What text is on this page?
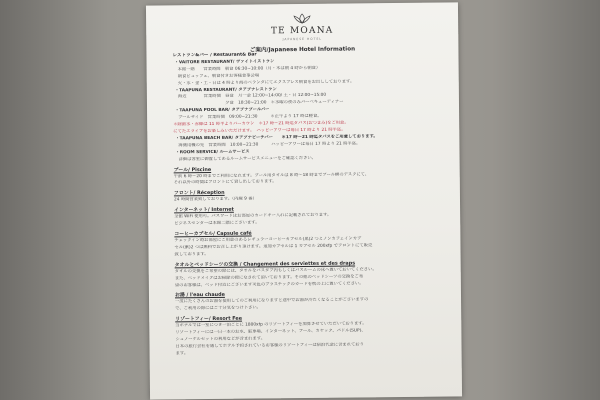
TE MOANA
JAPANESE HOTEL
ご案内/Japanese Hotel Information
レストラン&バー / Restaurant& Bar
・VAITORE RESTAURANT/ ヴァイトイストラン
本館一階　　営業時間　朝食 06:30~10:00（月・木は朝 4 時から朝食）
朝食ビュッフェ、朝食付きお客様食事会場
火・水・金・土・日は 4 時より海のベランダにてエクスプレス朝食をお出ししております。
・TAAPUNA RESTAURANT/ タアプナレストラン
海辺　　　　営業時間　昼食　月一金 12:00~14:00/ 土・日 12:00~15:00
　　　　　　　　　　　夕食　18:30~21:00　＊水曜の夜のみバーベキューディナー
・TAAPUNA POOL BAR/ タアプナプールバー
プールサイド　営業時間　09:00~21:30　　　＊正午より 17 時は軽食。
＊除菌水・赤蜂は 11 時半よりバーカウン　＊17 時〜21 時迄タパス(おつまみ)をご用意。
にてたエライブをお楽しみいただけます。　ハッピーアワーは毎日 17 時より 21 時半迄。
・TAAPUNA BEACH BAR/ タアプナビーチバー　　＊17 時〜21 時迄タパスをご用意しております。
海側用機の先　営業時間　10:00~21:30　　　ハッピーアワーは毎日 17 時より 21 時半迄。
・ROOM SERVICE/ ルームサービス
詳細は客室に御置してあるルームサービスメニューをご確認ください。
プール/ Piscine
午前 6 時〜20 時までご利用になれます。プール用タオルは 8 時〜18 時までプール横のデスクにて、
それ以外の時間はフロントにて貸し出しております。
フロント/ Réception
24 時間営業致しております。（内線 9 番）
インターネット/ Internet
全館 WiFi 使用可。パスワードはお部屋のカードキー入れに記載されております。
ビジネスセンターは本館二階にございます。
コーヒーカプセル/ Capsule café
チェックイン時お部屋にご用意のあるレギュラーコーヒーカプセル(黒)2 つとノンカフェインカプ
セル(紫)2 つは無料でお召し上がり頂けます。追加カプセルは 1 カプセル 200xfp でフロントにて販売
致しております。
タオルとベッドシーツの交換 / Changement des serviettes et des draps
タオルの交換をご希望の際には、タオルをバスタブ内もしくはバスルームの床へ置いておいてください。
また、ベッドメイクはお掃除の際になされて頂いております。その他のベッドシーツの交換をご希
望のお客様は、ベッド付近にございます災色のプラスチックのカードを枕の上に置いてください。
お湯 / l'eau chaude
一度にたくさんのお湯を使用してのご利用になりますと途中でお湯が冷たくなることがございますの
で、ご利用の際にはご十分気をつけ下さい。
リゾートフィー/ Resort Fee
当ホテルでは一室につき一泊ごとに 1800xfp のリゾートフィーを加算させていただいております。
リゾートフィーには一日一本のお水、駐車場、インターネット、プール、カヤック、パドル(SUP)、
シュノーケルセットの利用などが含まれます。
日本の旅行会社を通してホテル予約されているお客様のリゾートフィーは宿泊代金に含まれており
ます。
